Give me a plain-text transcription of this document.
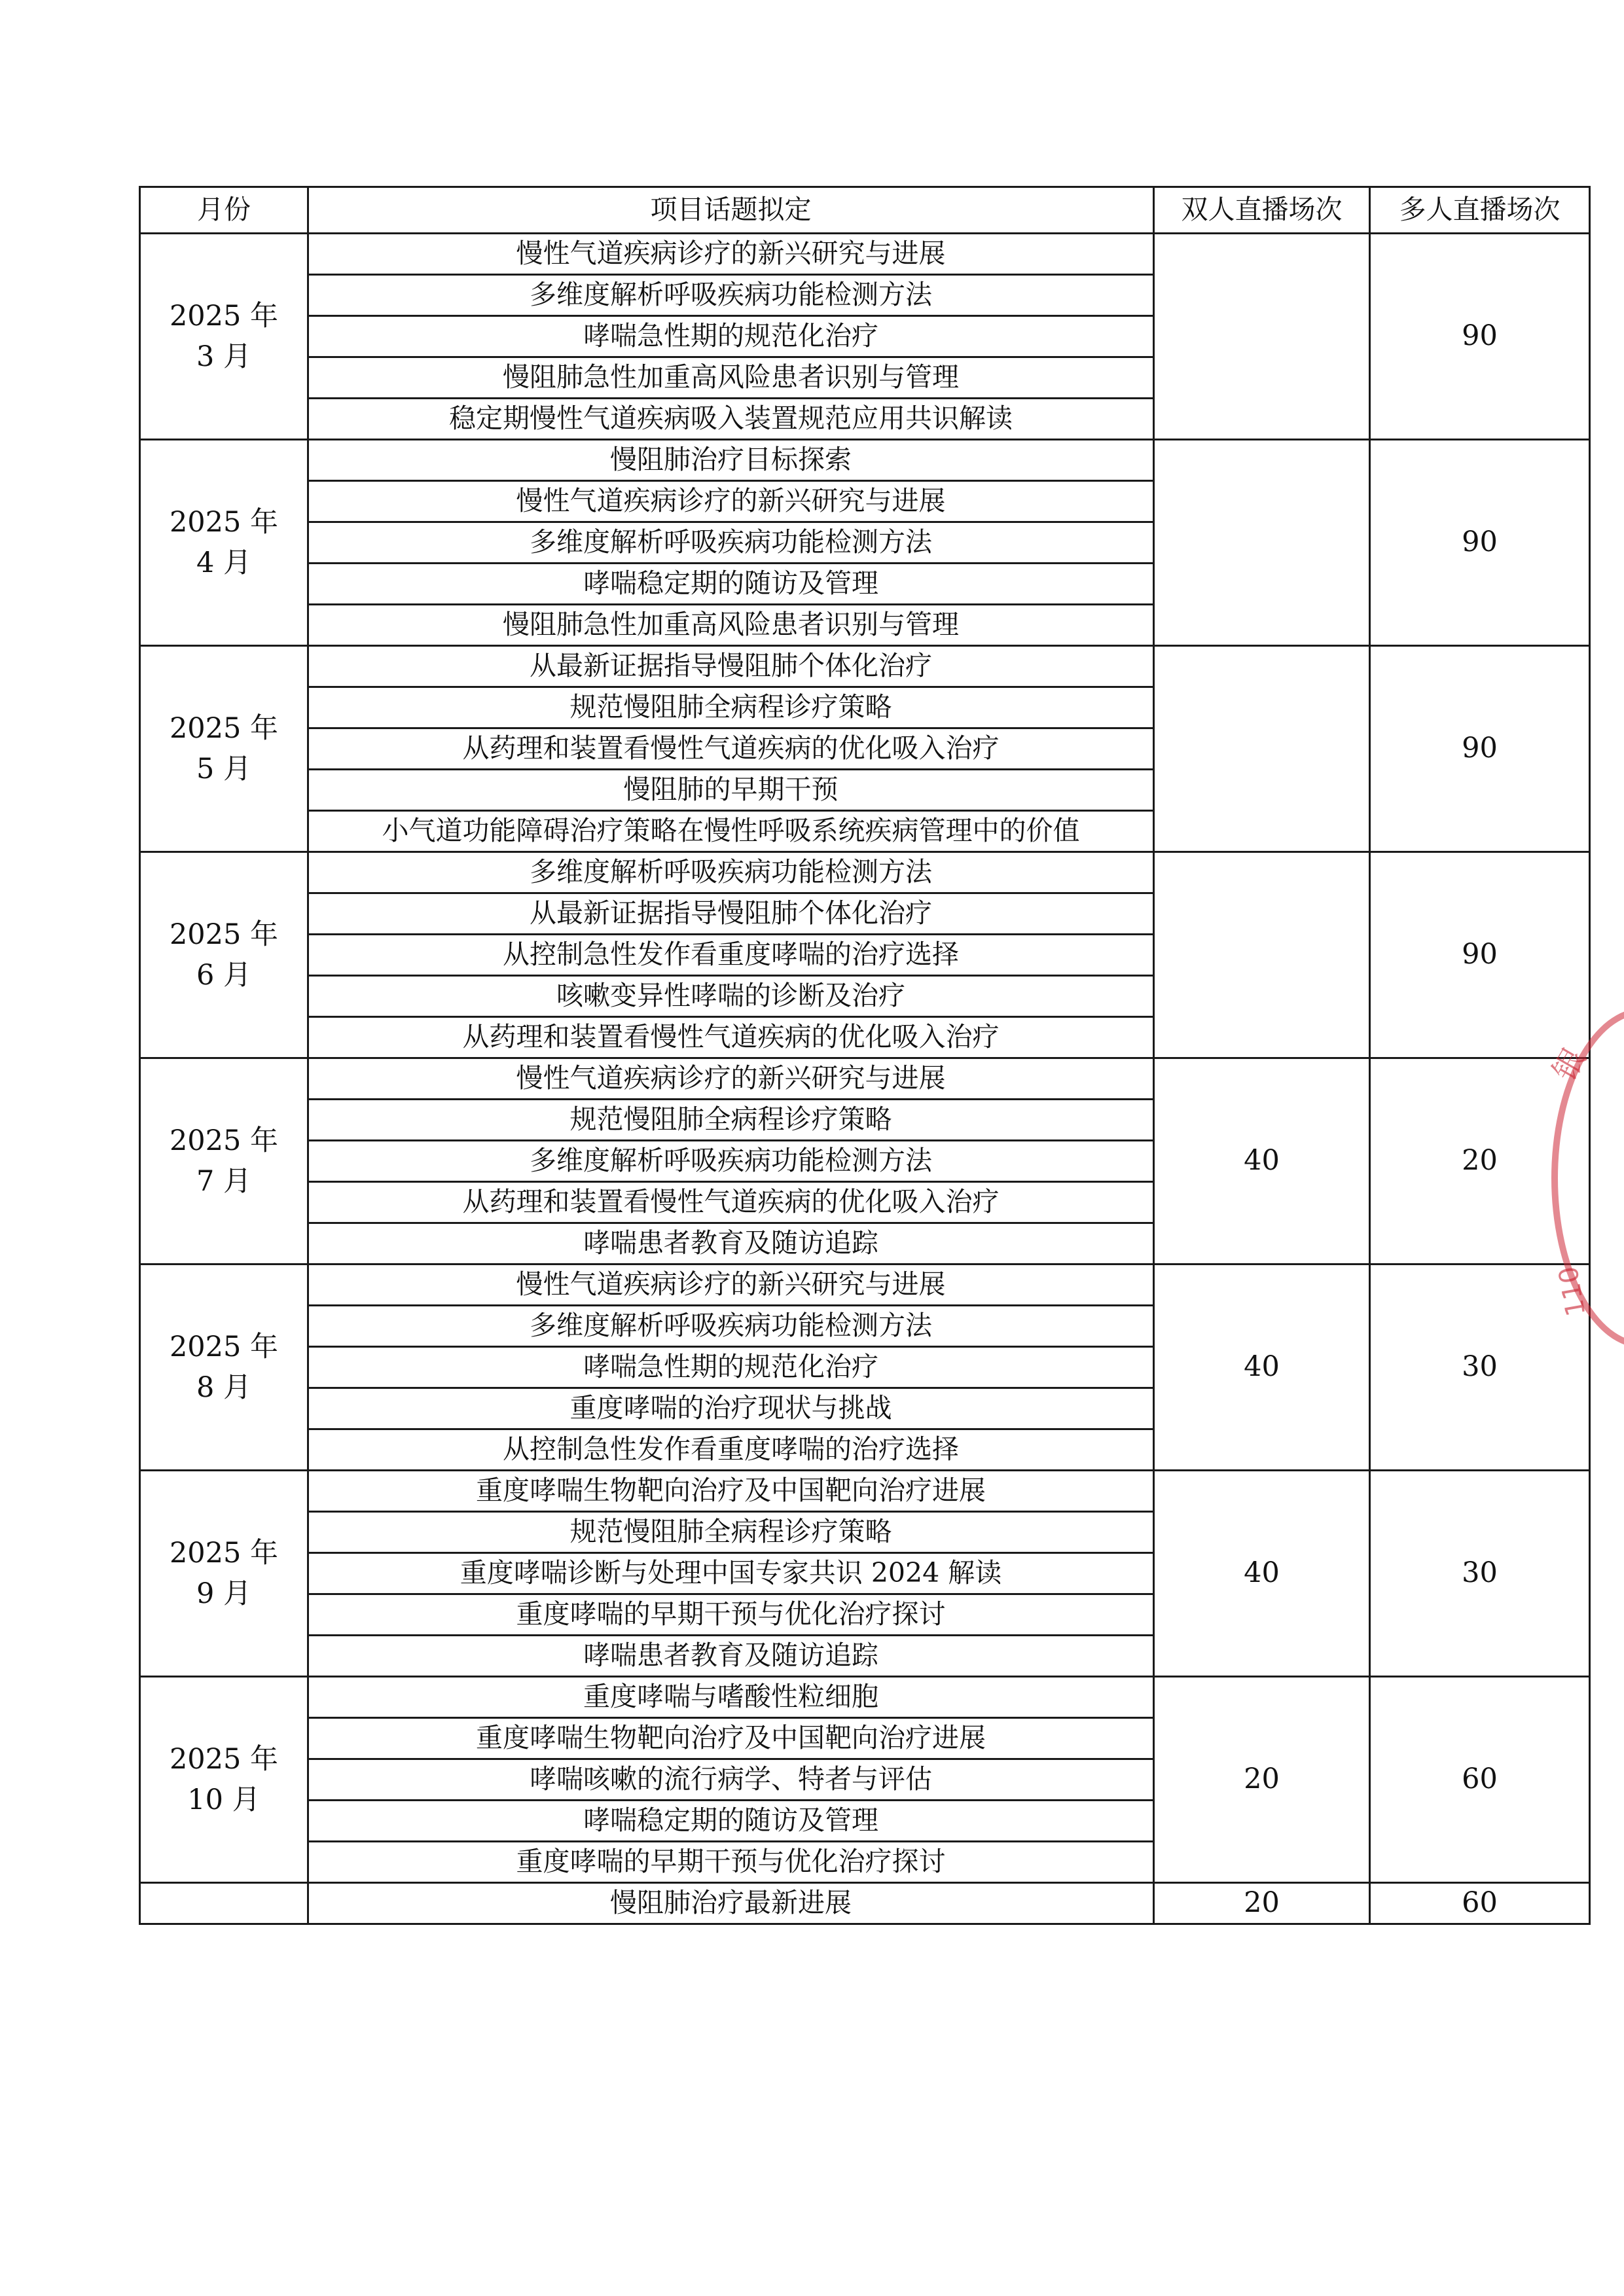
月份	项目话题拟定	双人直播场次	多人直播场次
2025 年 3 月	慢性气道疾病诊疗的新兴研究与进展		90
	多维度解析呼吸疾病功能检测方法		
	哮喘急性期的规范化治疗		
	慢阻肺急性加重高风险患者识别与管理		
	稳定期慢性气道疾病吸入装置规范应用共识解读		
2025 年 4 月	慢阻肺治疗目标探索		90
	慢性气道疾病诊疗的新兴研究与进展		
	多维度解析呼吸疾病功能检测方法		
	哮喘稳定期的随访及管理		
	慢阻肺急性加重高风险患者识别与管理		
2025 年 5 月	从最新证据指导慢阻肺个体化治疗		90
	规范慢阻肺全病程诊疗策略		
	从药理和装置看慢性气道疾病的优化吸入治疗		
	慢阻肺的早期干预		
	小气道功能障碍治疗策略在慢性呼吸系统疾病管理中的价值		
2025 年 6 月	多维度解析呼吸疾病功能检测方法		90
	从最新证据指导慢阻肺个体化治疗		
	从控制急性发作看重度哮喘的治疗选择		
	咳嗽变异性哮喘的诊断及治疗		
	从药理和装置看慢性气道疾病的优化吸入治疗		
2025 年 7 月	慢性气道疾病诊疗的新兴研究与进展	40	20
	规范慢阻肺全病程诊疗策略		
	多维度解析呼吸疾病功能检测方法		
	从药理和装置看慢性气道疾病的优化吸入治疗		
	哮喘患者教育及随访追踪		
2025 年 8 月	慢性气道疾病诊疗的新兴研究与进展	40	30
	多维度解析呼吸疾病功能检测方法		
	哮喘急性期的规范化治疗		
	重度哮喘的治疗现状与挑战		
	从控制急性发作看重度哮喘的治疗选择		
2025 年 9 月	重度哮喘生物靶向治疗及中国靶向治疗进展	40	30
	规范慢阻肺全病程诊疗策略		
	重度哮喘诊断与处理中国专家共识 2024 解读		
	重度哮喘的早期干预与优化治疗探讨		
	哮喘患者教育及随访追踪		
2025 年 10 月	重度哮喘与嗜酸性粒细胞	20	60
	重度哮喘生物靶向治疗及中国靶向治疗进展		
	哮喘咳嗽的流行病学、特者与评估		
	哮喘稳定期的随访及管理		
	重度哮喘的早期干预与优化治疗探讨		
	慢阻肺治疗最新进展	20	60
银
110
